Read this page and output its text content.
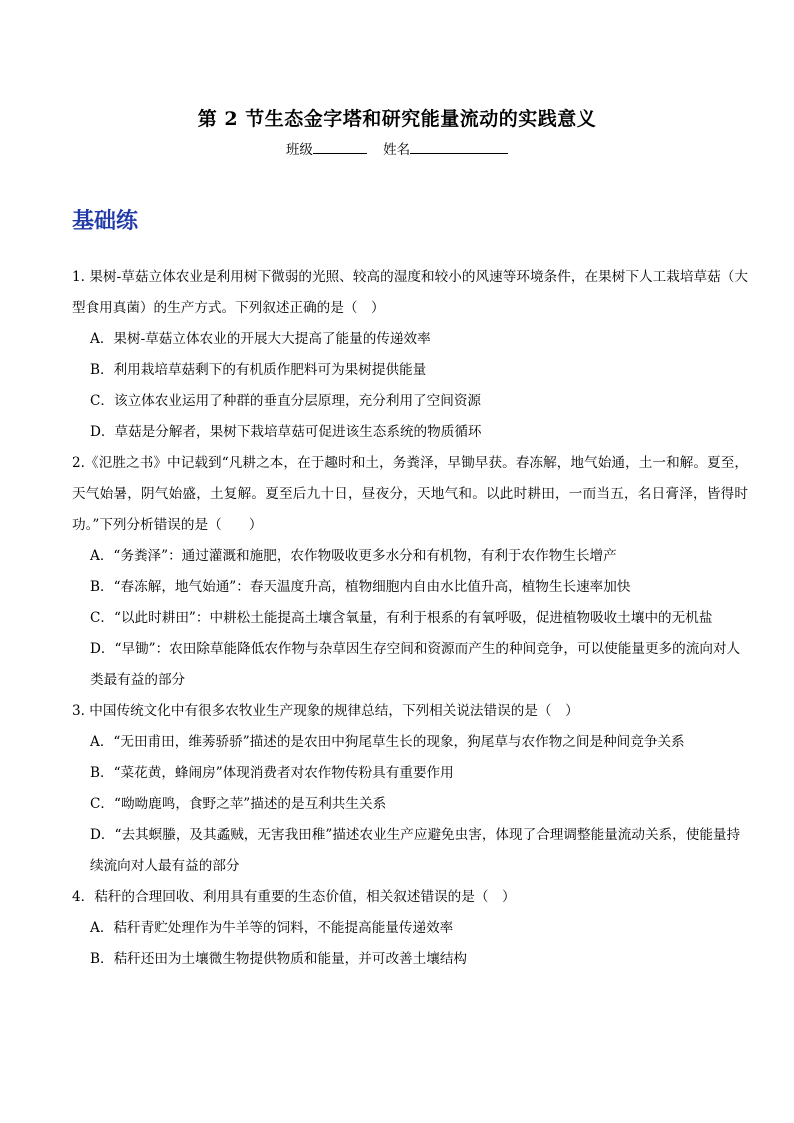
第 2 节生态金字塔和研究能量流动的实践意义
班级	姓名
基础练

1. 果树-草菇立体农业是利用树下微弱的光照、较高的湿度和较小的风速等环境条件，在果树下人工栽培草菇（大型食用真菌）的生产方式。下列叙述正确的是（　）

A．果树-草菇立体农业的开展大大提高了能量的传递效率

B．利用栽培草菇剩下的有机质作肥料可为果树提供能量

C．该立体农业运用了种群的垂直分层原理，充分利用了空间资源

D．草菇是分解者，果树下栽培草菇可促进该生态系统的物质循环

2.《氾胜之书》中记载到“凡耕之本，在于趣时和土，务粪泽，早锄早获。春冻解，地气始通，土一和解。夏至，天气始暑，阴气始盛，土复解。夏至后九十日，昼夜分，天地气和。以此时耕田，一而当五，名日膏泽，皆得时功。”下列分析错误的是（　　）

A．“务粪泽”：通过灌溉和施肥，农作物吸收更多水分和有机物，有利于农作物生长增产

B．“春冻解，地气始通”：春天温度升高，植物细胞内自由水比值升高，植物生长速率加快

C．“以此时耕田”：中耕松土能提高土壤含氧量，有利于根系的有氧呼吸，促进植物吸收土壤中的无机盐

D．“早锄”：农田除草能降低农作物与杂草因生存空间和资源而产生的种间竞争，可以使能量更多的流向对人类最有益的部分

3. 中国传统文化中有很多农牧业生产现象的规律总结，下列相关说法错误的是（　）

A．“无田甫田，维莠骄骄”描述的是农田中狗尾草生长的现象，狗尾草与农作物之间是种间竞争关系

B．“菜花黄，蜂闹房”体现消费者对农作物传粉具有重要作用

C．“呦呦鹿鸣，食野之苹”描述的是互利共生关系

D．“去其螟螣，及其蟊贼，无害我田稚”描述农业生产应避免虫害，体现了合理调整能量流动关系，使能量持续流向对人最有益的部分

4．秸秆的合理回收、利用具有重要的生态价值，相关叙述错误的是（　）

A．秸秆青贮处理作为牛羊等的饲料，不能提高能量传递效率

B．秸秆还田为土壤微生物提供物质和能量，并可改善土壤结构
